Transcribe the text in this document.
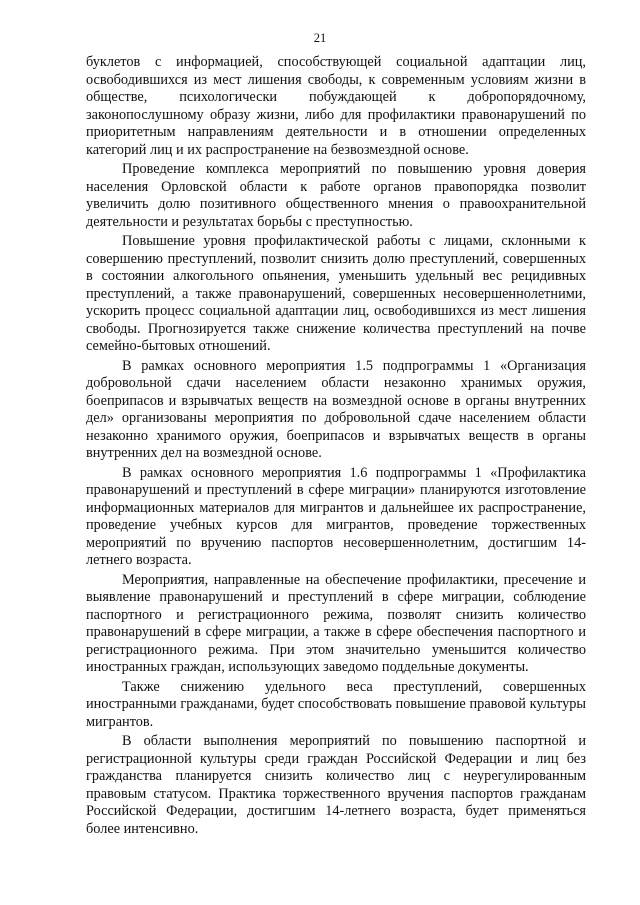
21

буклетов с информацией, способствующей социальной адаптации лиц, освободившихся из мест лишения свободы, к современным условиям жизни в обществе, психологически побуждающей к добропорядочному, законопослушному образу жизни, либо для профилактики правонарушений по приоритетным направлениям деятельности и в отношении определенных категорий лиц и их распространение на безвозмездной основе.

Проведение комплекса мероприятий по повышению уровня доверия населения Орловской области к работе органов правопорядка позволит увеличить долю позитивного общественного мнения о правоохранительной деятельности и результатах борьбы с преступностью.

Повышение уровня профилактической работы с лицами, склонными к совершению преступлений, позволит снизить долю преступлений, совершенных в состоянии алкогольного опьянения, уменьшить удельный вес рецидивных преступлений, а также правонарушений, совершенных несовершеннолетними, ускорить процесс социальной адаптации лиц, освободившихся из мест лишения свободы. Прогнозируется также снижение количества преступлений на почве семейно-бытовых отношений.

В рамках основного мероприятия 1.5 подпрограммы 1 «Организация добровольной сдачи населением области незаконно хранимых оружия, боеприпасов и взрывчатых веществ на возмездной основе в органы внутренних дел» организованы мероприятия по добровольной сдаче населением области незаконно хранимого оружия, боеприпасов и взрывчатых веществ в органы внутренних дел на возмездной основе.

В рамках основного мероприятия 1.6 подпрограммы 1 «Профилактика правонарушений и преступлений в сфере миграции» планируются изготовление информационных материалов для мигрантов и дальнейшее их распространение, проведение учебных курсов для мигрантов, проведение торжественных мероприятий по вручению паспортов несовершеннолетним, достигшим 14-летнего возраста.

Мероприятия, направленные на обеспечение профилактики, пресечение и выявление правонарушений и преступлений в сфере миграции, соблюдение паспортного и регистрационного режима, позволят снизить количество правонарушений в сфере миграции, а также в сфере обеспечения паспортного и регистрационного режима. При этом значительно уменьшится количество иностранных граждан, использующих заведомо поддельные документы.

Также снижению удельного веса преступлений, совершенных иностранными гражданами, будет способствовать повышение правовой культуры мигрантов.

В области выполнения мероприятий по повышению паспортной и регистрационной культуры среди граждан Российской Федерации и лиц без гражданства планируется снизить количество лиц с неурегулированным правовым статусом. Практика торжественного вручения паспортов гражданам Российской Федерации, достигшим 14-летнего возраста, будет применяться более интенсивно.
